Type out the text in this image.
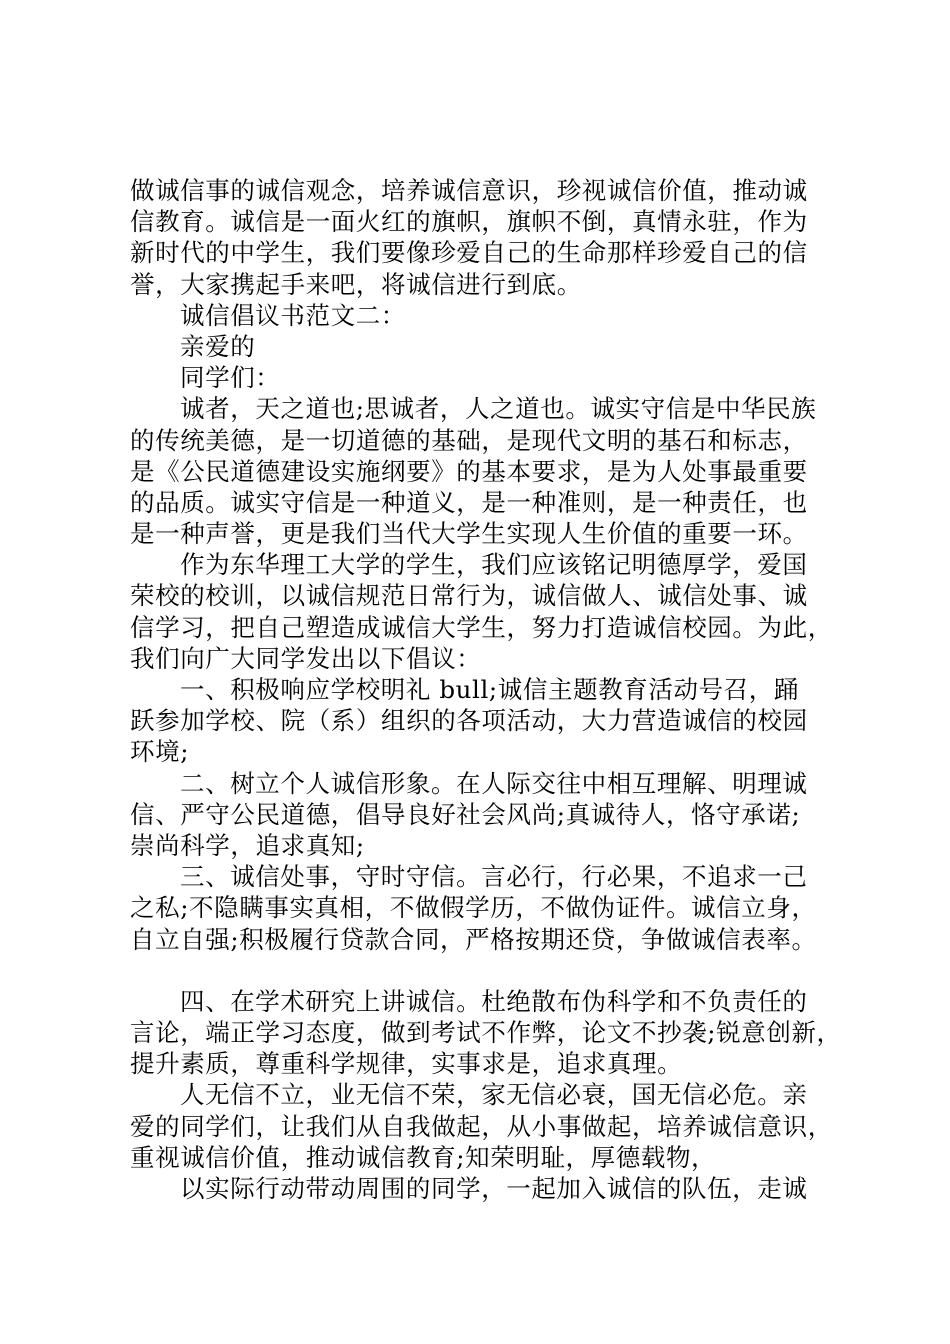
做诚信事的诚信观念，培养诚信意识，珍视诚信价值，推动诚
信教育。诚信是一面火红的旗帜，旗帜不倒，真情永驻，作为
新时代的中学生，我们要像珍爱自己的生命那样珍爱自己的信
誉，大家携起手来吧，将诚信进行到底。
诚信倡议书范文二：
亲爱的
同学们：
诚者，天之道也;思诚者，人之道也。诚实守信是中华民族
的传统美德，是一切道德的基础，是现代文明的基石和标志，
是《公民道德建设实施纲要》的基本要求，是为人处事最重要
的品质。诚实守信是一种道义，是一种准则，是一种责任，也
是一种声誉，更是我们当代大学生实现人生价值的重要一环。
作为东华理工大学的学生，我们应该铭记明德厚学，爱国
荣校的校训，以诚信规范日常行为，诚信做人、诚信处事、诚
信学习，把自己塑造成诚信大学生，努力打造诚信校园。为此，
我们向广大同学发出以下倡议：
一、积极响应学校明礼 bull;诚信主题教育活动号召，踊
跃参加学校、院（系）组织的各项活动，大力营造诚信的校园
环境;
二、树立个人诚信形象。在人际交往中相互理解、明理诚
信、严守公民道德，倡导良好社会风尚;真诚待人，恪守承诺;
崇尚科学，追求真知;
三、诚信处事，守时守信。言必行，行必果，不追求一己
之私;不隐瞒事实真相，不做假学历，不做伪证件。诚信立身，
自立自强;积极履行贷款合同，严格按期还贷，争做诚信表率。
四、在学术研究上讲诚信。杜绝散布伪科学和不负责任的
言论，端正学习态度，做到考试不作弊，论文不抄袭;锐意创新，
提升素质，尊重科学规律，实事求是，追求真理。
人无信不立，业无信不荣，家无信必衰，国无信必危。亲
爱的同学们，让我们从自我做起，从小事做起，培养诚信意识，
重视诚信价值，推动诚信教育;知荣明耻，厚德载物，
以实际行动带动周围的同学，一起加入诚信的队伍，走诚
